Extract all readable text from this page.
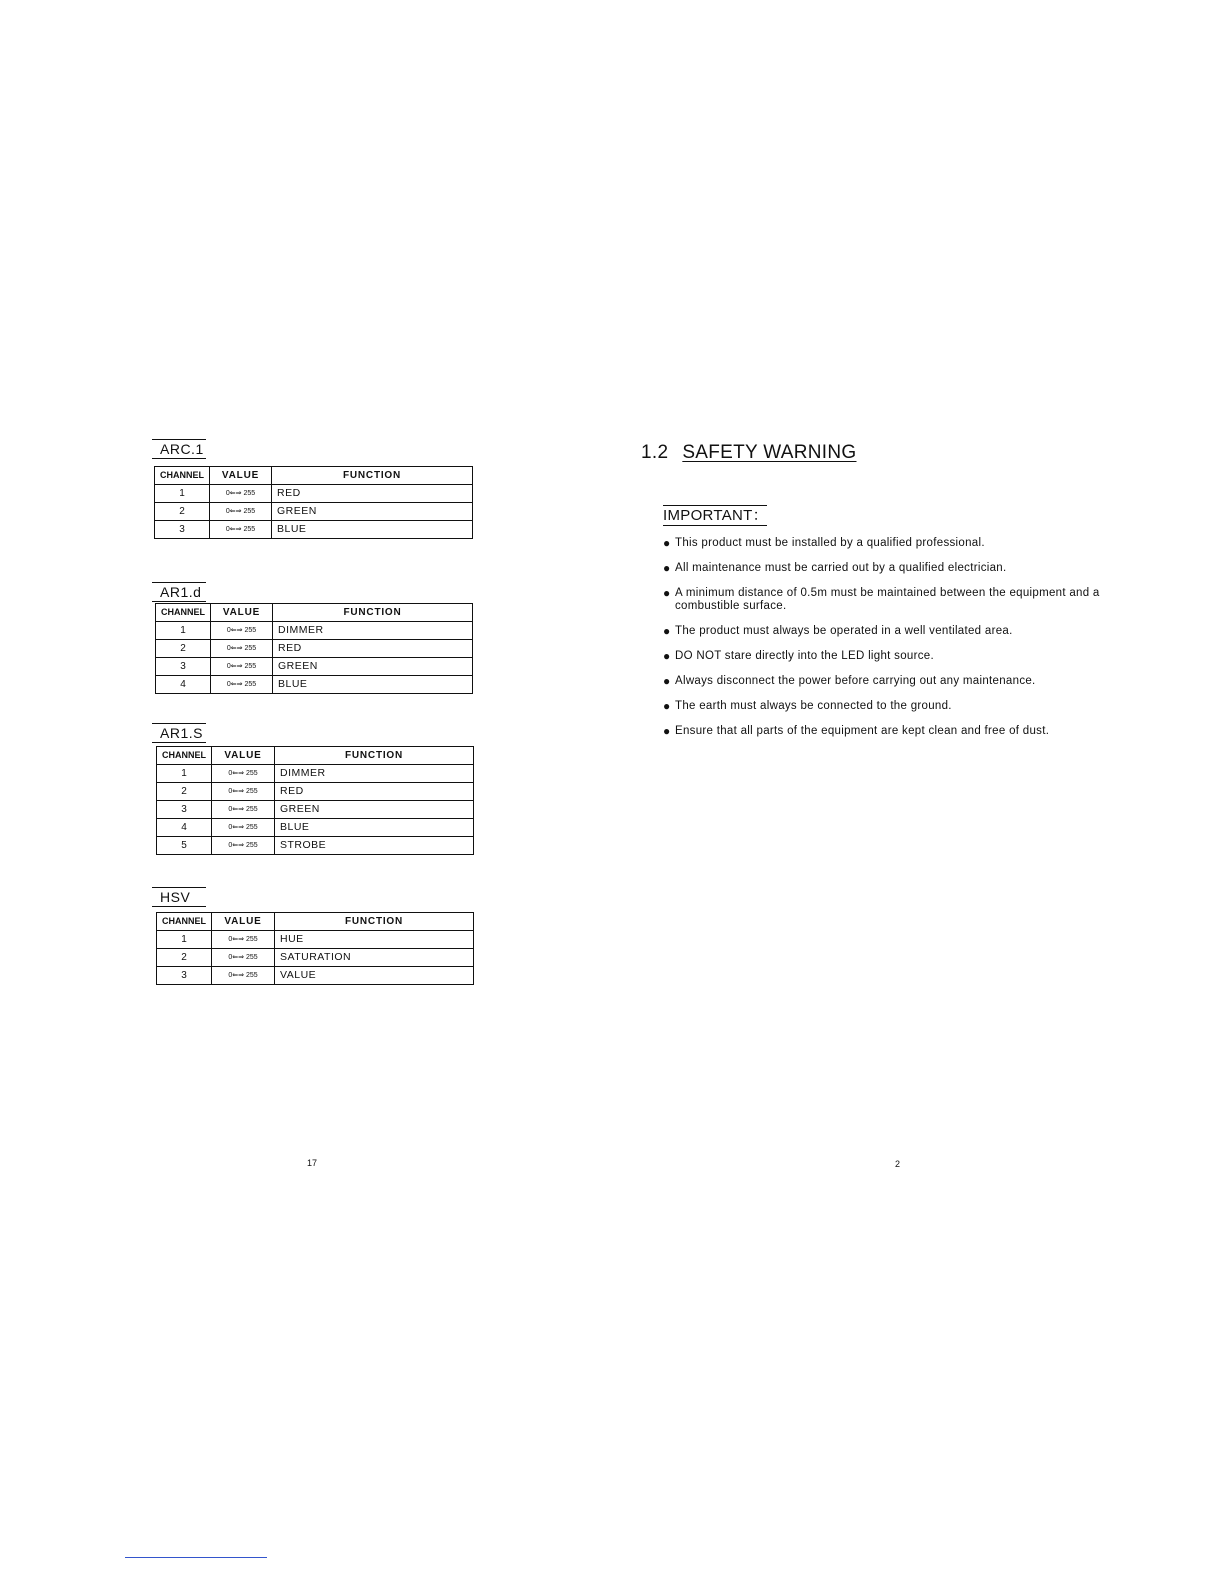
ARC.1
CHANNEL	VALUE	FUNCTION
1	0⇐⇒ 255	RED
2	0⇐⇒ 255	GREEN
3	0⇐⇒ 255	BLUE
AR1.d
CHANNEL	VALUE	FUNCTION
1	0⇐⇒ 255	DIMMER
2	0⇐⇒ 255	RED
3	0⇐⇒ 255	GREEN
4	0⇐⇒ 255	BLUE
AR1.S
CHANNEL	VALUE	FUNCTION
1	0⇐⇒ 255	DIMMER
2	0⇐⇒ 255	RED
3	0⇐⇒ 255	GREEN
4	0⇐⇒ 255	BLUE
5	0⇐⇒ 255	STROBE
HSV
CHANNEL	VALUE	FUNCTION
1	0⇐⇒ 255	HUE
2	0⇐⇒ 255	SATURATION
3	0⇐⇒ 255	VALUE
17
1.2 SAFETY WARNING
IMPORTANT：
● This product must be installed by a qualified professional.
● All maintenance must be carried out by a qualified electrician.
● A minimum distance of 0.5m must be maintained between the equipment and a combustible surface.
● The product must always be operated in a well ventilated area.
● DO NOT stare directly into the LED light source.
● Always disconnect the power before carrying out any maintenance.
● The earth must always be connected to the ground.
● Ensure that all parts of the equipment are kept clean and free of dust.
2
